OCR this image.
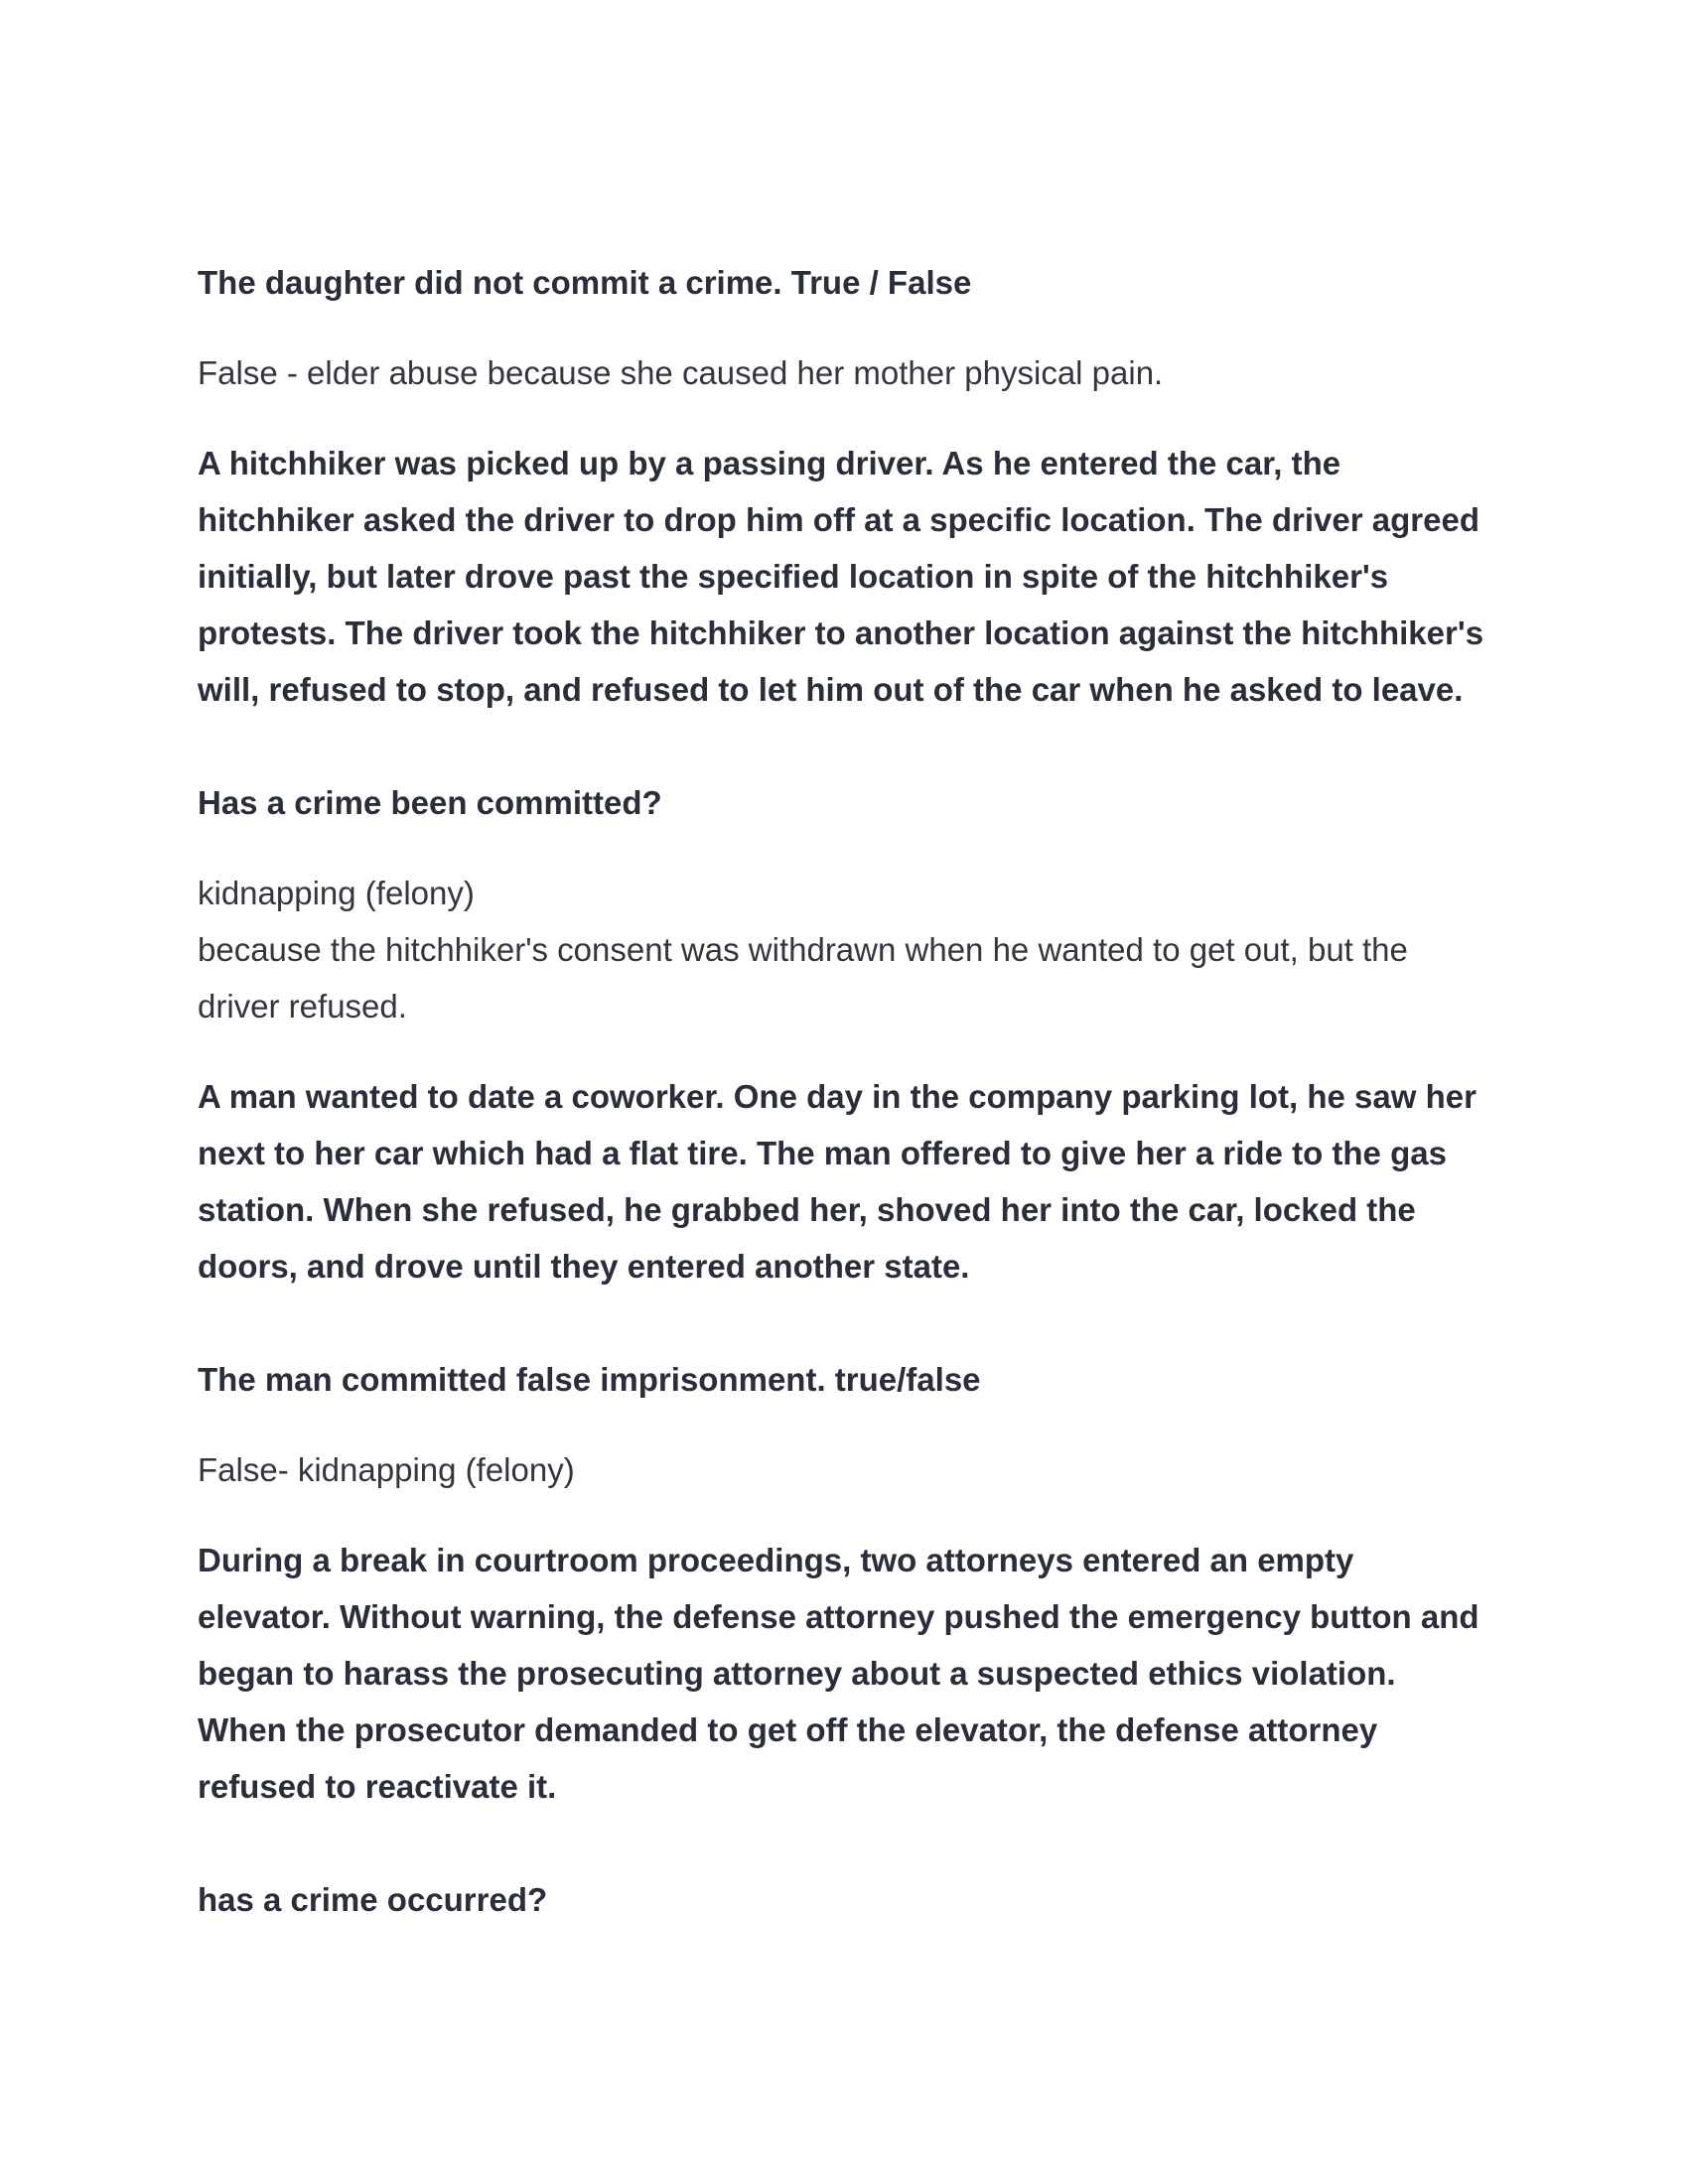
The daughter did not commit a crime. True / False

False - elder abuse because she caused her mother physical pain.

A hitchhiker was picked up by a passing driver. As he entered the car, the hitchhiker asked the driver to drop him off at a specific location. The driver agreed initially, but later drove past the specified location in spite of the hitchhiker's protests. The driver took the hitchhiker to another location against the hitchhiker's will, refused to stop, and refused to let him out of the car when he asked to leave.

Has a crime been committed?

kidnapping (felony)
because the hitchhiker's consent was withdrawn when he wanted to get out, but the driver refused.

A man wanted to date a coworker. One day in the company parking lot, he saw her next to her car which had a flat tire. The man offered to give her a ride to the gas station. When she refused, he grabbed her, shoved her into the car, locked the doors, and drove until they entered another state.

The man committed false imprisonment. true/false

False- kidnapping (felony)

During a break in courtroom proceedings, two attorneys entered an empty elevator. Without warning, the defense attorney pushed the emergency button and began to harass the prosecuting attorney about a suspected ethics violation. When the prosecutor demanded to get off the elevator, the defense attorney refused to reactivate it.

has a crime occurred?
